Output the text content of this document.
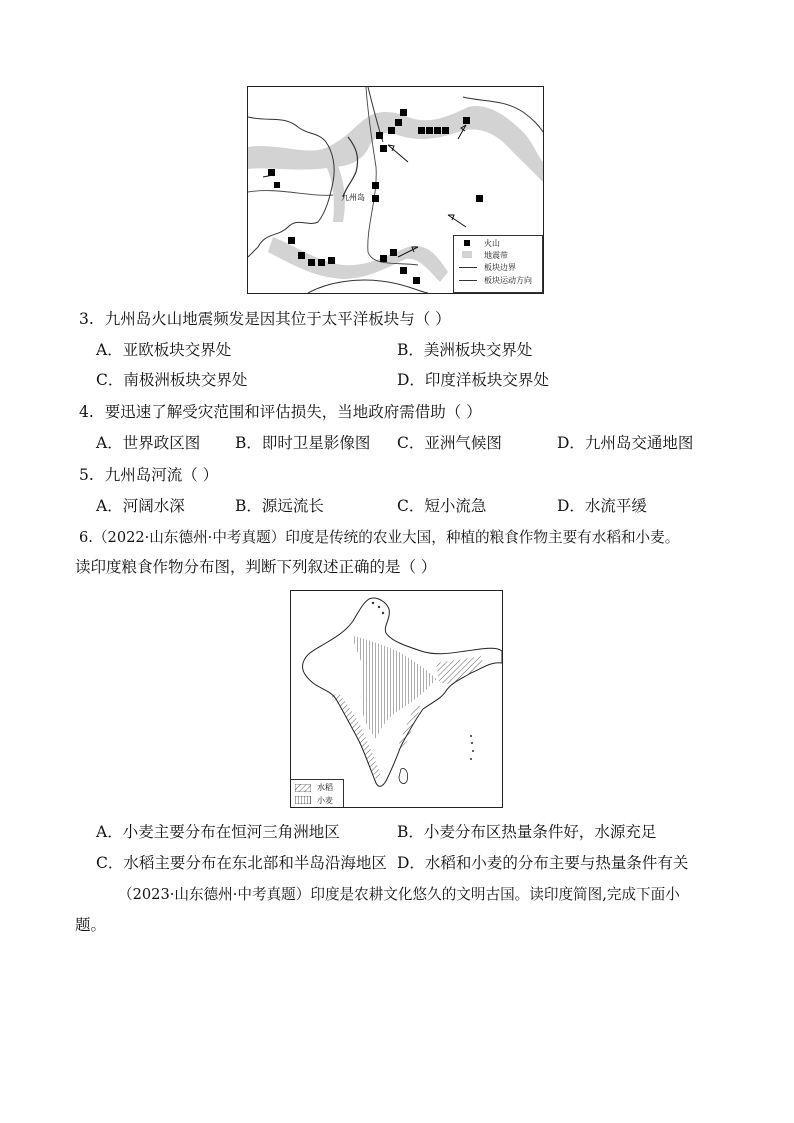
九州岛
火山
地震带
板块边界
板块运动方向
3. 九州岛火山地震频发是因其位于太平洋板块与（ ）
A．亚欧板块交界处	B．美洲板块交界处
C．南极洲板块交界处	D．印度洋板块交界处
4. 要迅速了解受灾范围和评估损失，当地政府需借助（ ）
A．世界政区图 B．即时卫星影像图 C．亚洲气候图	D．九州岛交通地图
5. 九州岛河流（ ）
A．河阔水深	B．源远流长	C．短小流急	D．水流平缓
6.（2022·山东德州·中考真题）印度是传统的农业大国，种植的粮食作物主要有水稻和小麦。
读印度粮食作物分布图，判断下列叙述正确的是（ ）
水稻
小麦
A．小麦主要分布在恒河三角洲地区	B．小麦分布区热量条件好，水源充足
C．水稻主要分布在东北部和半岛沿海地区 D．水稻和小麦的分布主要与热量条件有关
（2023·山东德州·中考真题）印度是农耕文化悠久的文明古国。读印度简图,完成下面小
题。
